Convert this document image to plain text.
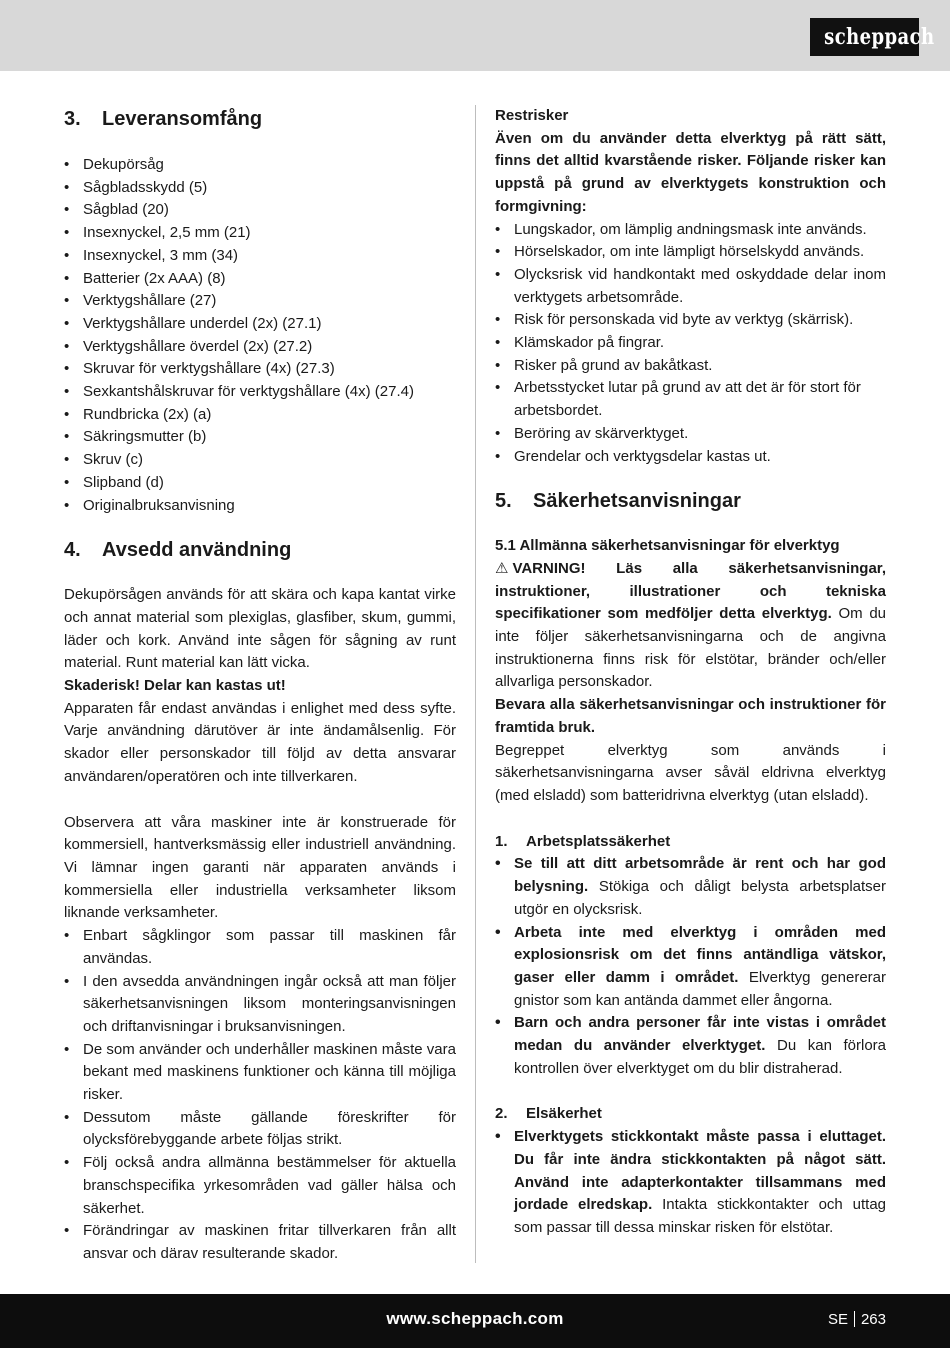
scheppach
3.	Leveransomfång
• Dekupörsåg
• Sågbladsskydd (5)
• Sågblad (20)
• Insexnyckel, 2,5 mm (21)
• Insexnyckel, 3 mm (34)
• Batterier (2x AAA) (8)
• Verktygshållare (27)
• Verktygshållare underdel (2x) (27.1)
• Verktygshållare överdel (2x) (27.2)
• Skruvar för verktygshållare (4x) (27.3)
• Sexkantshålskruvar för verktygshållare (4x) (27.4)
• Rundbricka (2x) (a)
• Säkringsmutter (b)
• Skruv (c)
• Slipband (d)
• Originalbruksanvisning
4.	Avsedd användning

Dekupörsågen används för att skära och kapa kantat virke och annat material som plexiglas, glasfiber, skum, gummi, läder och kork. Använd inte sågen för sågning av runt material. Runt material kan lätt vicka.

Skaderisk! Delar kan kastas ut!

Apparaten får endast användas i enlighet med dess syfte. Varje användning därutöver är inte ändamålsenlig. För skador eller personskador till följd av detta ansvarar användaren/operatören och inte tillverkaren.

Observera att våra maskiner inte är konstruerade för kommersiell, hantverksmässig eller industriell användning. Vi lämnar ingen garanti när apparaten används i kommersiella eller industriella verksamheter liksom liknande verksamheter.

• Enbart sågklingor som passar till maskinen får användas.
• I den avsedda användningen ingår också att man följer säkerhetsanvisningen liksom monteringsanvisningen och driftanvisningar i bruksanvisningen.
• De som använder och underhåller maskinen måste vara bekant med maskinens funktioner och känna till möjliga risker.
• Dessutom måste gällande föreskrifter för olycksförebyggande arbete följas strikt.
• Följ också andra allmänna bestämmelser för aktuella branschspecifika yrkesområden vad gäller hälsa och säkerhet.
• Förändringar av maskinen fritar tillverkaren från allt ansvar och därav resulterande skador.

Restrisker

Även om du använder detta elverktyg på rätt sätt, finns det alltid kvarstående risker. Följande risker kan uppstå på grund av elverktygets konstruktion och formgivning:

• Lungskador, om lämplig andningsmask inte används.
• Hörselskador, om inte lämpligt hörselskydd används.
• Olycksrisk vid handkontakt med oskyddade delar inom verktygets arbetsområde.
• Risk för personskada vid byte av verktyg (skärrisk).
• Klämskador på fingrar.
• Risker på grund av bakåtkast.
• Arbetsstycket lutar på grund av att det är för stort för arbetsbordet.
• Beröring av skärverktyget.
• Grendelar och verktygsdelar kastas ut.
5.	Säkerhetsanvisningar

5.1 Allmänna säkerhetsanvisningar för elverktyg

⚠ VARNING! Läs alla säkerhetsanvisningar, instruktioner, illustrationer och tekniska specifikationer som medföljer detta elverktyg. Om du inte följer säkerhetsanvisningarna och de angivna instruktionerna finns risk för elstötar, bränder och/eller allvarliga personskador.

Bevara alla säkerhetsanvisningar och instruktioner för framtida bruk.

Begreppet elverktyg som används i säkerhetsanvisningarna avser såväl eldrivna elverktyg (med elsladd) som batteridrivna elverktyg (utan elsladd).

1.	Arbetsplatssäkerhet
• Se till att ditt arbetsområde är rent och har god belysning. Stökiga och dåligt belysta arbetsplatser utgör en olycksrisk.
• Arbeta inte med elverktyg i områden med explosionsrisk om det finns antändliga vätskor, gaser eller damm i området. Elverktyg genererar gnistor som kan antända dammet eller ångorna.
• Barn och andra personer får inte vistas i området medan du använder elverktyget. Du kan förlora kontrollen över elverktyget om du blir distraherad.
2.	Elsäkerhet
• Elverktygets stickkontakt måste passa i eluttaget. Du får inte ändra stickkontakten på något sätt. Använd inte adapterkontakter tillsammans med jordade elredskap. Intakta stickkontakter och uttag som passar till dessa minskar risken för elstötar.
www.scheppach.com	SE 263
